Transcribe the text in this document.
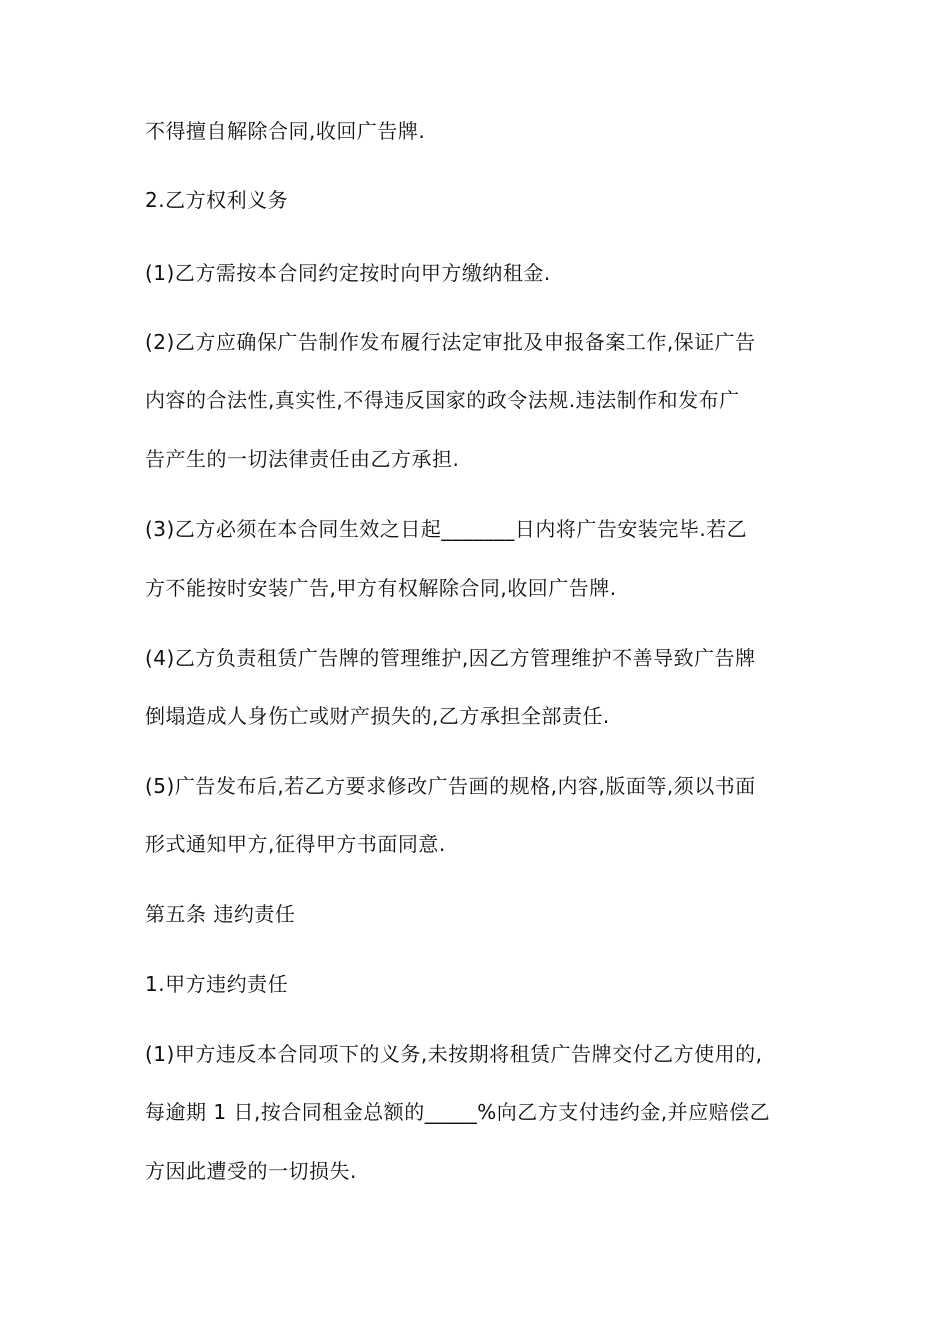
不得擅自解除合同,收回广告牌.
2.乙方权利义务
(1)乙方需按本合同约定按时向甲方缴纳租金.
(2)乙方应确保广告制作发布履行法定审批及申报备案工作,保证广告
内容的合法性,真实性,不得违反国家的政令法规.违法制作和发布广
告产生的一切法律责任由乙方承担.
(3)乙方必须在本合同生效之日起_______日内将广告安装完毕.若乙
方不能按时安装广告,甲方有权解除合同,收回广告牌.
(4)乙方负责租赁广告牌的管理维护,因乙方管理维护不善导致广告牌
倒塌造成人身伤亡或财产损失的,乙方承担全部责任.
(5)广告发布后,若乙方要求修改广告画的规格,内容,版面等,须以书面
形式通知甲方,征得甲方书面同意.
第五条 违约责任
1.甲方违约责任
(1)甲方违反本合同项下的义务,未按期将租赁广告牌交付乙方使用的,
每逾期 1 日,按合同租金总额的_____%向乙方支付违约金,并应赔偿乙
方因此遭受的一切损失.
